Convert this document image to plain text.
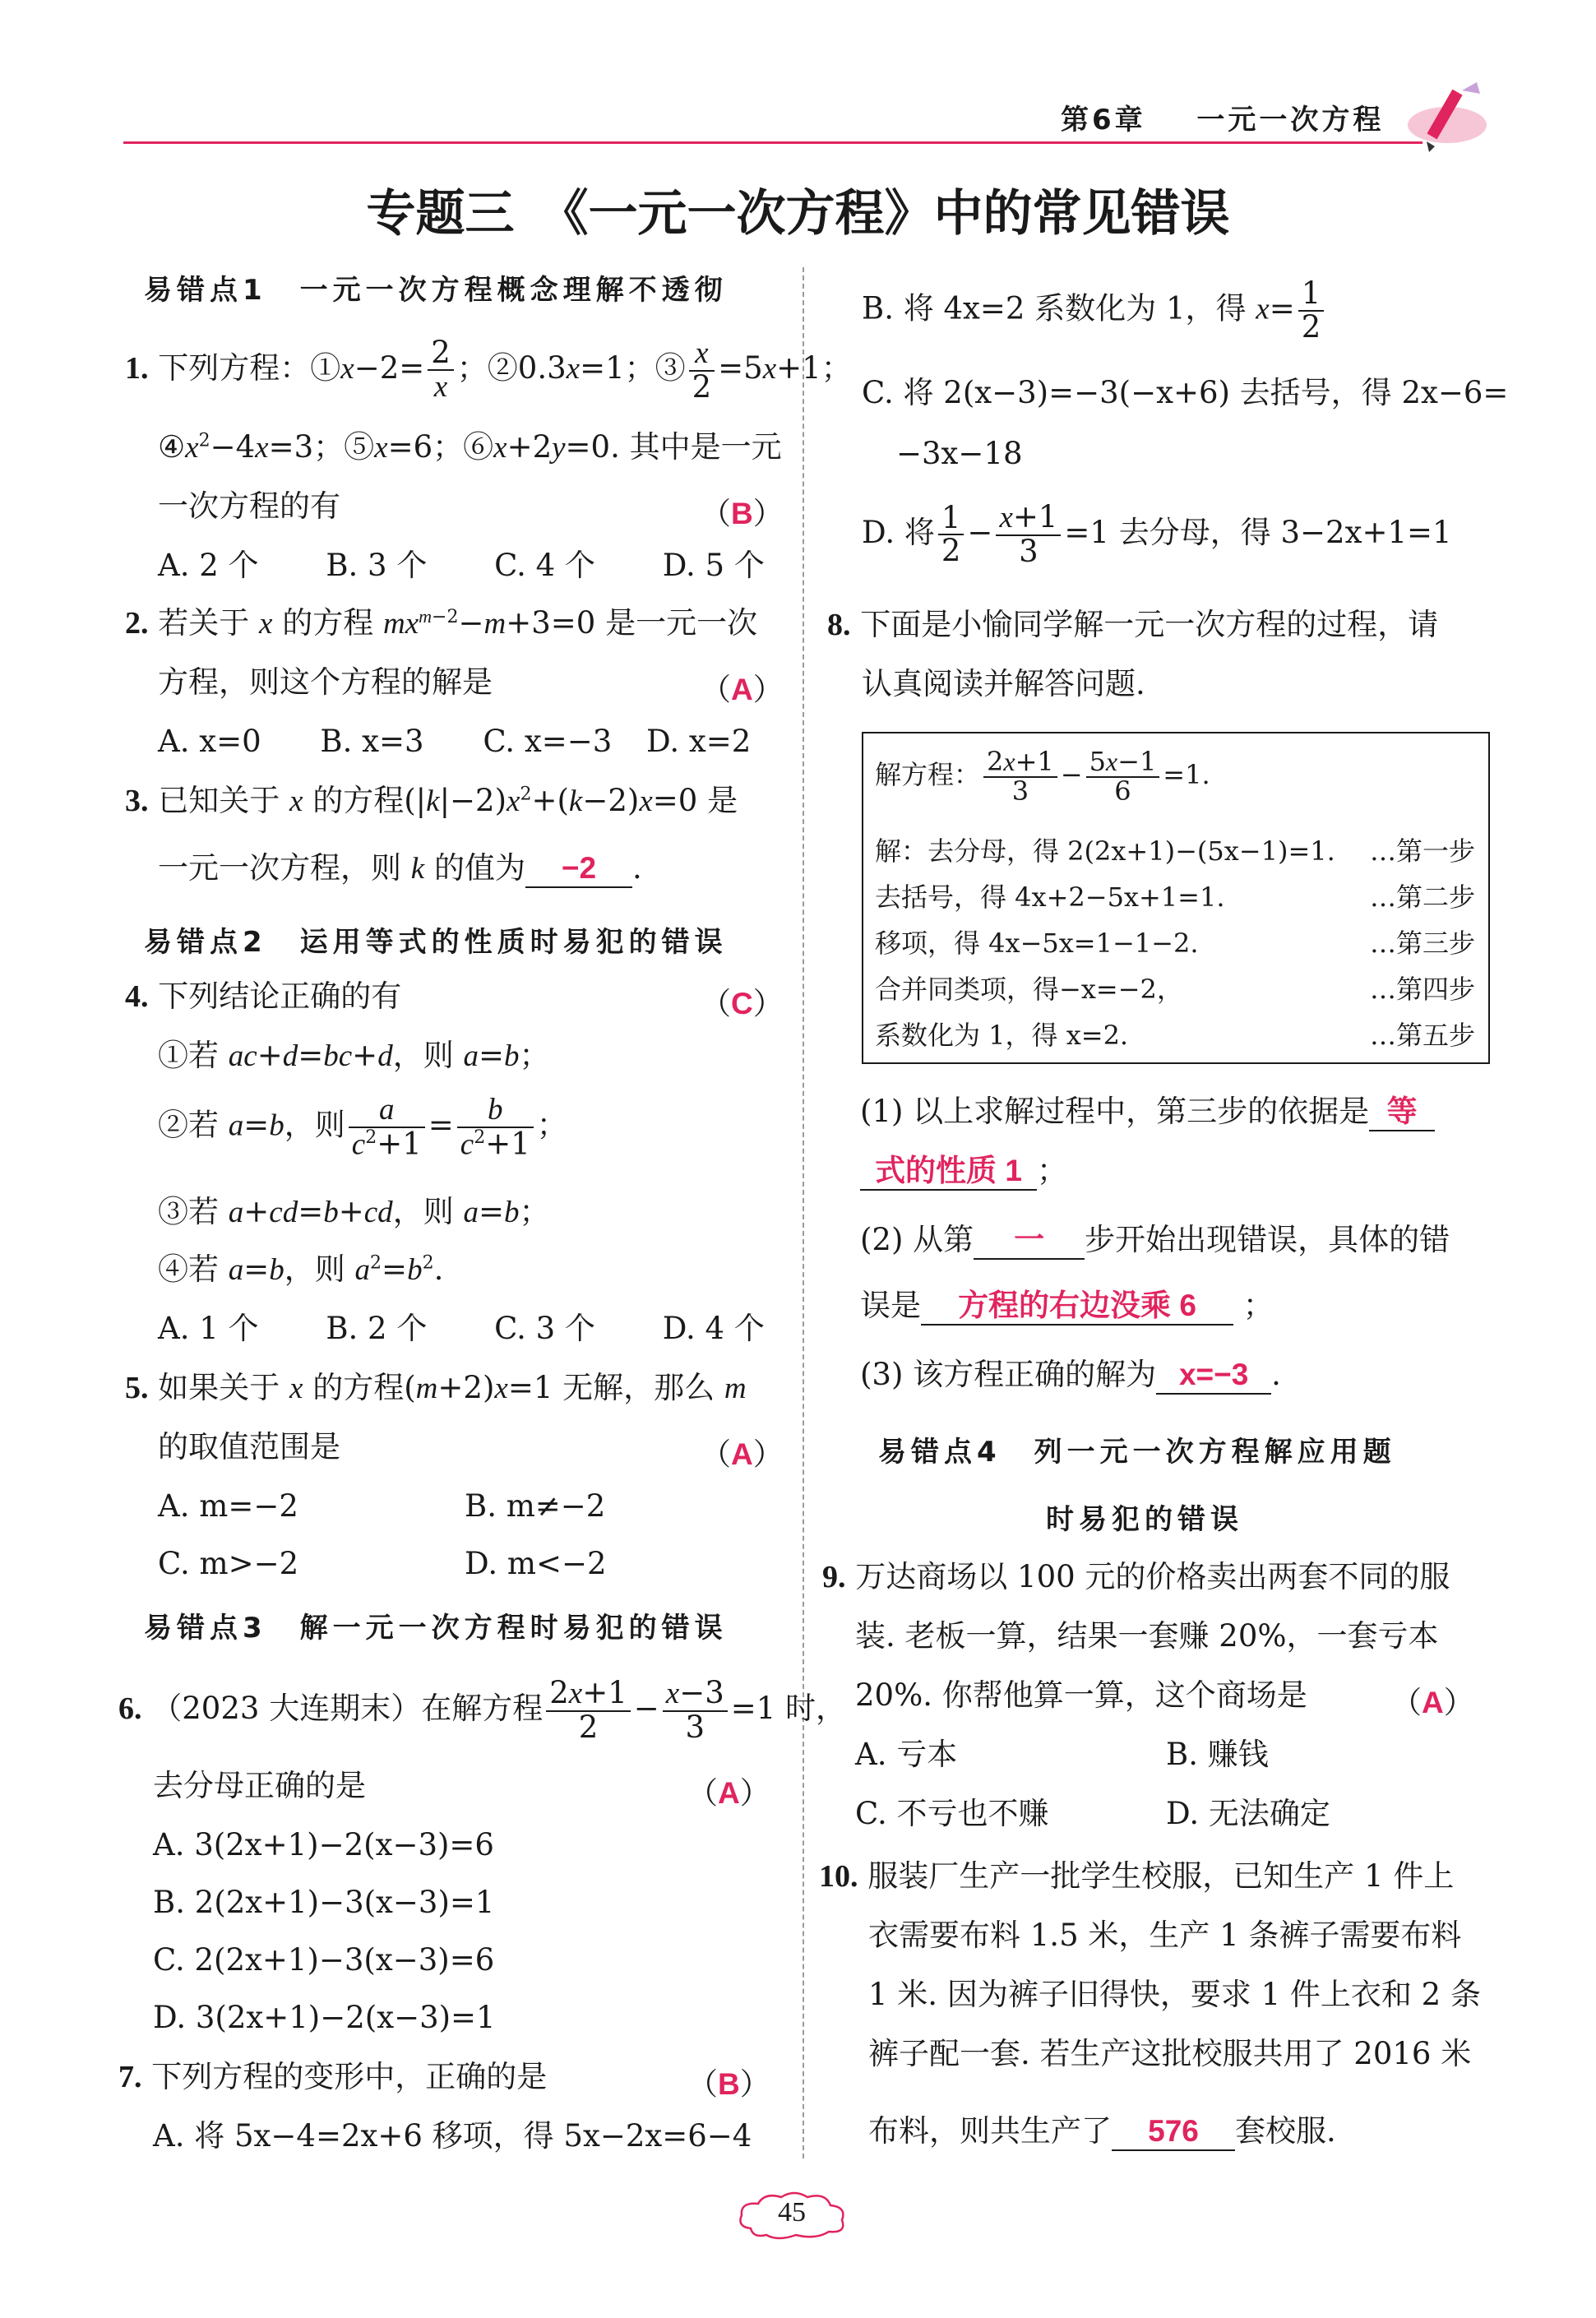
第6章 一元一次方程
专题三　《一元一次方程》中的常见错误
易错点1　一元一次方程概念理解不透彻
1. 下列方程：①x−2= $\frac{2}{x}$ ；②0.3x=1；③ $\frac{x}{2} =5x+1$；
$④x^2-4x=3$；⑤x=6；⑥x+2y=0. 其中是一元
一次方程的有	（B）
A. 2 个 B. 3 个 C. 4 个 D. 5 个
2. 若关于 x 的方程 $mx^{m-2}-m+3=0$ 是一元一次
方程，则这个方程的解是	（A）
A. x=0 B. x=3 C. x=−3 D. x=2
3. 已知关于 x 的方程$(|k|-2)x^2+(k-2)x=0$ 是
一元一次方程，则 k 的值为 −2 .
易错点2　运用等式的性质时易犯的错误
4. 下列结论正确的有	（C）
①若 ac+d=bc+d，则 a=b；
②若 a=b，则 $\frac{a}{c^2+1} = \frac{b}{c^2+1}$ ；
③若 a+cd=b+cd，则 a=b；
④若 a=b，则 $a^2=b^2$.
A. 1 个 B. 2 个 C. 3 个 D. 4 个
5. 如果关于 x 的方程(m+2)x=1 无解，那么 m
的取值范围是	（A）
A. m=−2	B. m≠−2
C. m>−2	D. m<−2
易错点3　解一元一次方程时易犯的错误
6. （2023 大连期末）在解方程 $\frac{2x+1}{2} - \frac{x-3}{3} =1$ 时，
去分母正确的是	（A）
A. 3(2x+1)−2(x−3)=6
B. 2(2x+1)−3(x−3)=1
C. 2(2x+1)−3(x−3)=6
D. 3(2x+1)−2(x−3)=1
7. 下列方程的变形中，正确的是	（B）
A. 将 5x−4=2x+6 移项，得 5x−2x=6−4
B. 将 4x=2 系数化为 1，得 $x= \frac{1}{2}$
C. 将 2(x−3)=−3(−x+6) 去括号，得 2x−6=
−3x−18
D. 将 $\frac{1}{2} - \frac{x+1}{3} =1$ 去分母，得 3−2x+1=1
8. 下面是小愉同学解一元一次方程的过程，请
认真阅读并解答问题.
解方程： $\frac{2x+1}{3} - \frac{5x-1}{6} =1$.
解：去分母，得 2(2x+1)−(5x−1)=1. …第一步
去括号，得 4x+2−5x+1=1.	…第二步
移项，得 4x−5x=1−1−2.	…第三步
合并同类项，得−x=−2，	…第四步
系数化为 1，得 x=2.	…第五步
(1) 以上求解过程中，第三步的依据是 等
式的性质 1 ；
(2) 从第 一 步开始出现错误，具体的错
误是 方程的右边没乘 6 ；
(3) 该方程正确的解为 x=−3 .
易错点4　列一元一次方程解应用题
时易犯的错误
9. 万达商场以 100 元的价格卖出两套不同的服
装. 老板一算，结果一套赚 20%，一套亏本
20%. 你帮他算一算，这个商场是	（A）
A. 亏本	B. 赚钱
C. 不亏也不赚	D. 无法确定
10. 服装厂生产一批学生校服，已知生产 1 件上
衣需要布料 1.5 米，生产 1 条裤子需要布料
1 米. 因为裤子旧得快，要求 1 件上衣和 2 条
裤子配一套. 若生产这批校服共用了 2016 米
布料，则共生产了 576 套校服.
45
